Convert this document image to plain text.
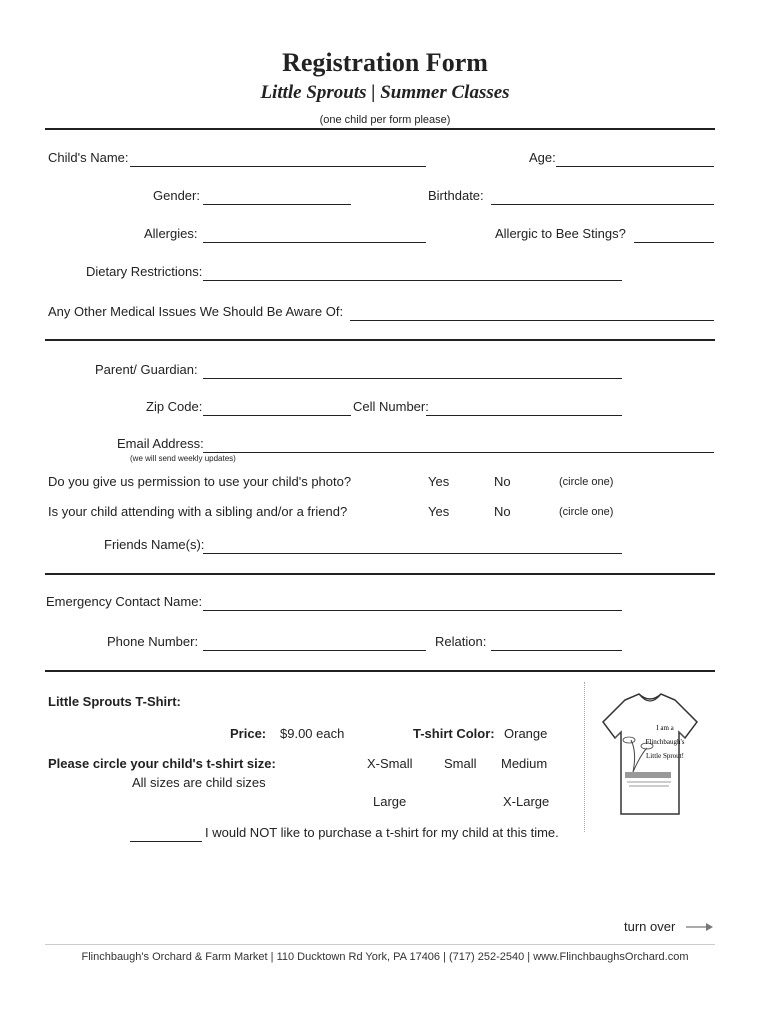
Registration Form
Little Sprouts | Summer Classes
(one child per form please)
Child's Name:	Age:
Gender:	Birthdate:
Allergies:	Allergic to Bee Stings?
Dietary Restrictions:
Any Other Medical Issues We Should Be Aware Of:
Parent/ Guardian:
Zip Code:	Cell Number:
Email Address:
(we will send weekly updates)
Do you give us permission to use your child's photo?	Yes	No	(circle one)
Is your child attending with a sibling and/or a friend?	Yes	No	(circle one)
Friends Name(s):
Emergency Contact Name:
Phone Number:	Relation:
Little Sprouts T-Shirt:
Price: $9.00 each	T-shirt Color: Orange
Please circle your child's t-shirt size:
All sizes are child sizes
X-Small Small Medium
Large	X-Large
I would NOT like to purchase a t-shirt for my child at this time.
I am a
Flinchbaugh's
Little Sprout!
turn over
Flinchbaugh's Orchard & Farm Market | 110 Ducktown Rd York, PA 17406 | (717) 252-2540 | www.FlinchbaughsOrchard.com
